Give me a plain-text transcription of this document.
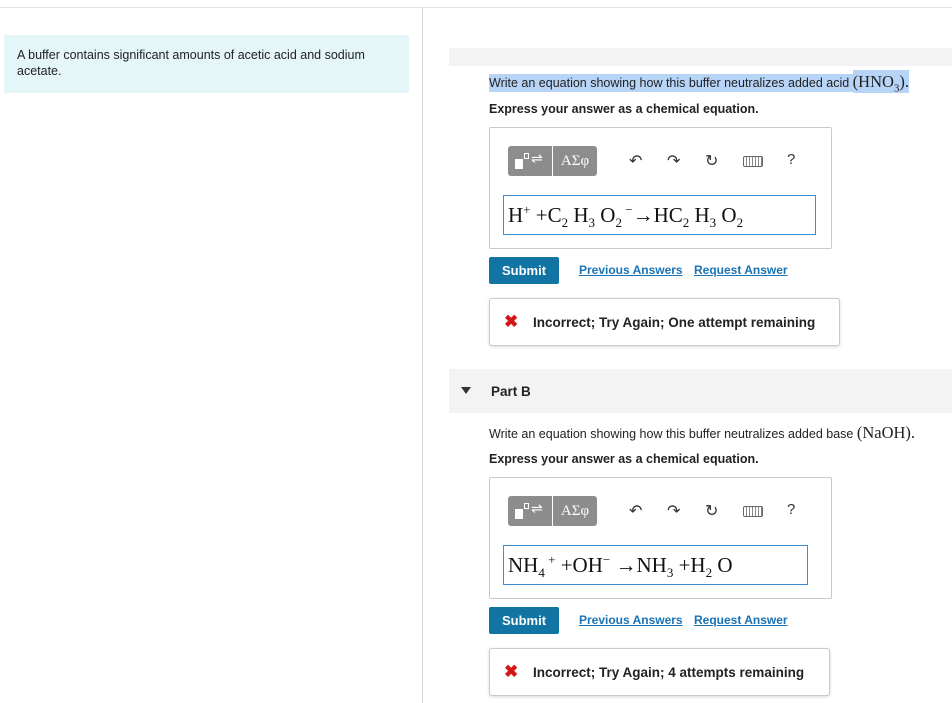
A buffer contains significant amounts of acetic acid and sodium acetate.
Write an equation showing how this buffer neutralizes added acid $(HNO_3)$.
Express your answer as a chemical equation.
⇌	ΑΣφ	↶ ↷ ↻	?
$H^+ +C_2$ $H_3$ $O_2$ $^-\to HC_2$ $H_3$ $O_2$
Submit	Previous Answers Request Answer
✖ Incorrect; Try Again; One attempt remaining
Part B
Write an equation showing how this buffer neutralizes added base (NaOH).
Express your answer as a chemical equation.
⇌	ΑΣφ	↶ ↷ ↻	?
$NH_4$ $^+ +OH^- \to NH_3 +H_2$ O
Submit	Previous Answers Request Answer
✖ Incorrect; Try Again; 4 attempts remaining
